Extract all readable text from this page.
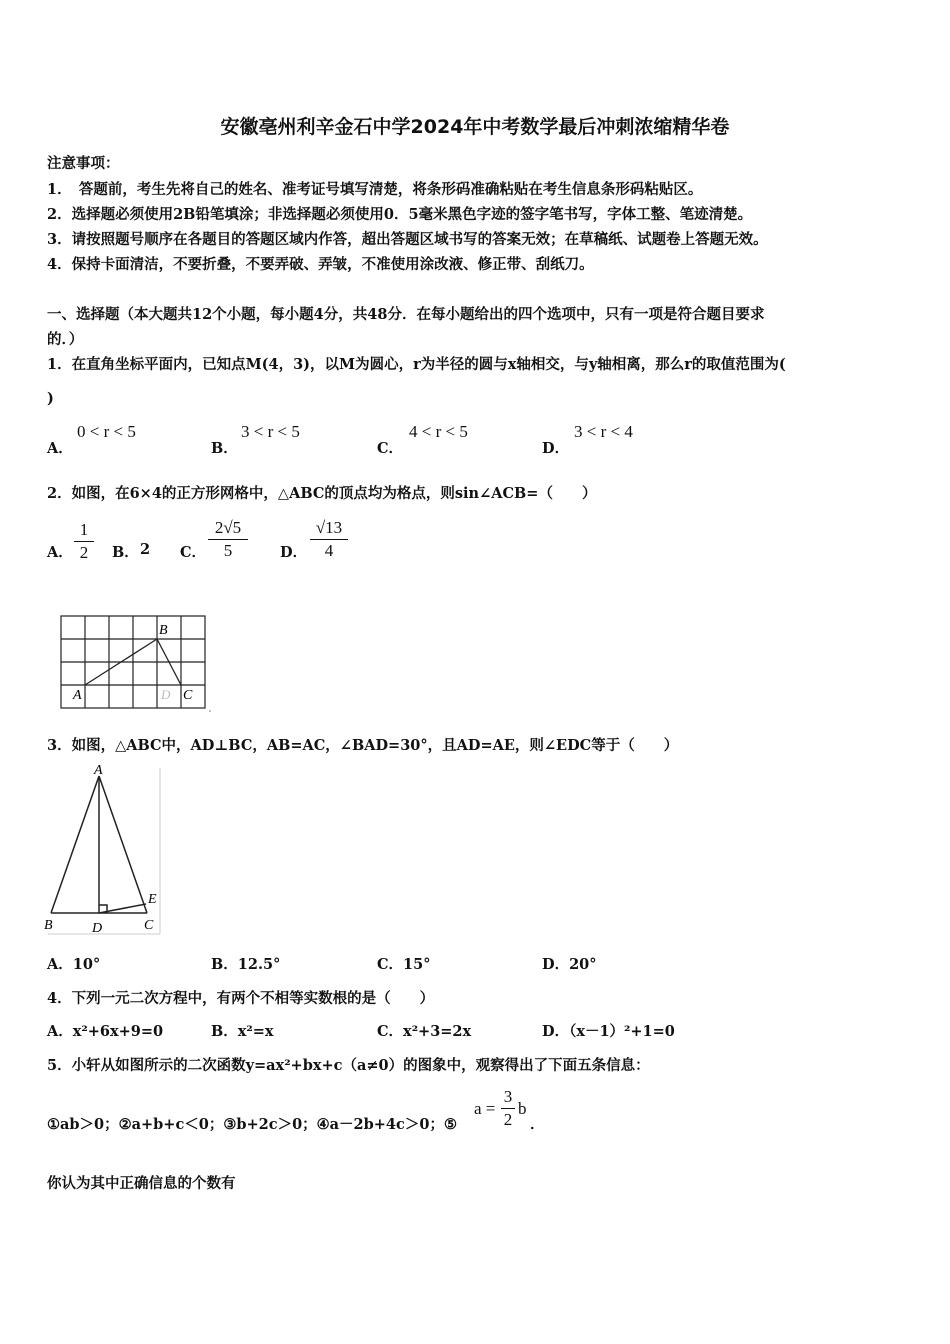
安徽亳州利辛金石中学2024年中考数学最后冲刺浓缩精华卷
注意事项：
1．　答题前，考生先将自己的姓名、准考证号填写清楚，将条形码准确粘贴在考生信息条形码粘贴区。
2．选择题必须使用2B铅笔填涂；非选择题必须使用0．5毫米黑色字迹的签字笔书写，字体工整、笔迹清楚。
3．请按照题号顺序在各题目的答题区域内作答，超出答题区域书写的答案无效；在草稿纸、试题卷上答题无效。
4．保持卡面清洁，不要折叠，不要弄破、弄皱，不准使用涂改液、修正带、刮纸刀。
一、选择题（本大题共12个小题，每小题4分，共48分．在每小题给出的四个选项中，只有一项是符合题目要求
的．）
1．在直角坐标平面内，已知点M(4，3)，以M为圆心，r为半径的圆与x轴相交，与y轴相离，那么r的取值范围为(
)
A．
0 < r < 5
B．
3 < r < 5
C．
4 < r < 5
D．
3 < r < 4
2．如图，在6×4的正方形网格中，△ABC的顶点均为格点，则sin∠ACB=（　　）
A．
1
2	B． 2 C．
2√5
5	D．
√13
4
A
B
D C
3．如图，△ABC中，AD⊥BC，AB=AC，∠BAD=30°，且AD=AE，则∠EDC等于（　　）
A
B	D	C
E
A．10°	B．12.5°	C．15°	D．20°
4．下列一元二次方程中，有两个不相等实数根的是（　　）
A．x²+6x+9=0	B．x²=x	C．x²+3=2x	D．（x－1）²+1=0
5．小轩从如图所示的二次函数y=ax²+bx+c（a≠0）的图象中，观察得出了下面五条信息：
①ab＞0；②a+b+c＜0；③b+2c＞0；④a－2b+4c＞0；⑤
a =
3
2
b
．
你认为其中正确信息的个数有
